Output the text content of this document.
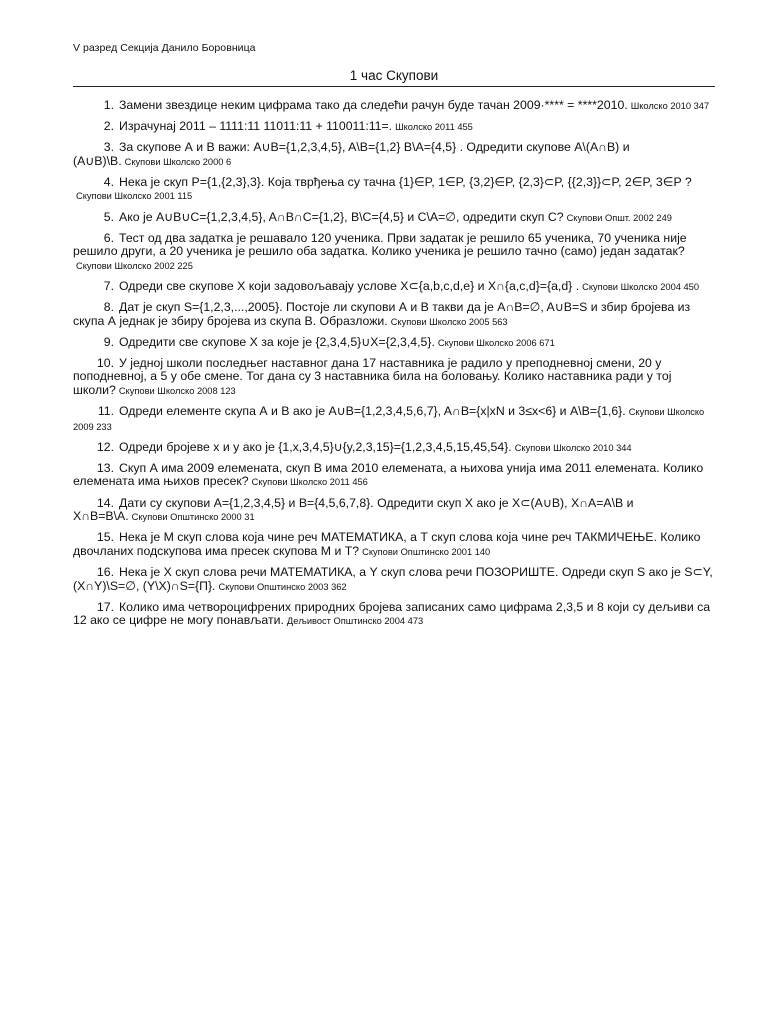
V разред Секција Данило Боровница
1 час Скупови
1. Замени звездице неким цифрама тако да следећи рачун буде тачан 2009·**** = ****2010. Школско 2010 347
2. Израчунај 2011 – 1111:11 11011:11 + 110011:11=. Школско 2011 455
3. За скупове А и В важи: A∪B={1,2,3,4,5}, A\B={1,2} B\A={4,5} . Одредити скупове A\(A∩B) и (A∪B)\B. Скупови Школско 2000 6
4. Нека је скуп P={1,{2,3},3}. Која тврђења су тачна {1}∈P, 1∈P, {3,2}∈P, {2,3}⊂P, {{2,3}}⊂P, 2∈P, 3∈P ?Скупови Школско 2001 115
5. Ако је A∪B∪C={1,2,3,4,5}, A∩B∩C={1,2}, B\C={4,5} и C\A=∅, одредити скуп С? Скупови Општ. 2002 249
6. Тест од два задатка је решавало 120 ученика. Први задатак је решило 65 ученика, 70 ученика није решило други, а 20 ученика је решило оба задатка. Колико ученика је решило тачно (само) један задатак?Скупови Школско 2002 225
7. Одреди све скупове Х који задовољавају услове X⊂{a,b,c,d,e} и X∩{a,c,d}={a,d} . Скупови Школско 2004 450
8. Дат је скуп S={1,2,3,...,2005}. Постоје ли скупови А и В такви да је A∩B=∅, A∪B=S и збир бројева из скупа А једнак је збиру бројева из скупа В. Образложи. Скупови Школско 2005 563
9. Одредити све скупове Х за које је {2,3,4,5}∪X={2,3,4,5}. Скупови Школско 2006 671
10. У једној школи последњег наставног дана 17 наставника је радило у преподневној смени, 20 у поподневној, а 5 у обе смене. Тог дана су 3 наставника била на боловању. Колико наставника ради у тој школи? Скупови Школско 2008 123
11. Одреди елементе скупа А и В ако је A∪B={1,2,3,4,5,6,7}, A∩B={x|xN и 3≤x<6} и A\B={1,6}. Скупови Школско 2009 233
12. Одреди бројеве x и y ако је {1,x,3,4,5}∪{y,2,3,15}={1,2,3,4,5,15,45,54}. Скупови Школско 2010 344
13. Скуп А има 2009 елемената, скуп В има 2010 елемената, а њихова унија има 2011 елемената. Колико елемената има њихов пресек? Скупови Школско 2011 456
14. Дати су скупови A={1,2,3,4,5} и B={4,5,6,7,8}. Одредити скуп Х ако је X⊂(A∪B), X∩A=A\B и X∩B=B\A. Скупови Општинско 2000 31
15. Нека је М скуп слова која чине реч МАТЕМАТИКА, а Т скуп слова која чине реч ТАКМИЧЕЊЕ. Колико двочланих подскупова има пресек скупова М и Т? Скупови Општинско 2001 140
16. Нека је Х скуп слова речи МАТЕМАТИКА, а Y скуп слова речи ПОЗОРИШТЕ. Одреди скуп S ако је S⊂Y, (X∩Y)\S=∅, (Y\X)∩S={П}. Скупови Општинско 2003 362
17. Колико има четвороцифрених природних бројева записаних само цифрама 2,3,5 и 8 који су дељиви са 12 ако се цифре не могу понављати. Дељивост Општинско 2004 473
